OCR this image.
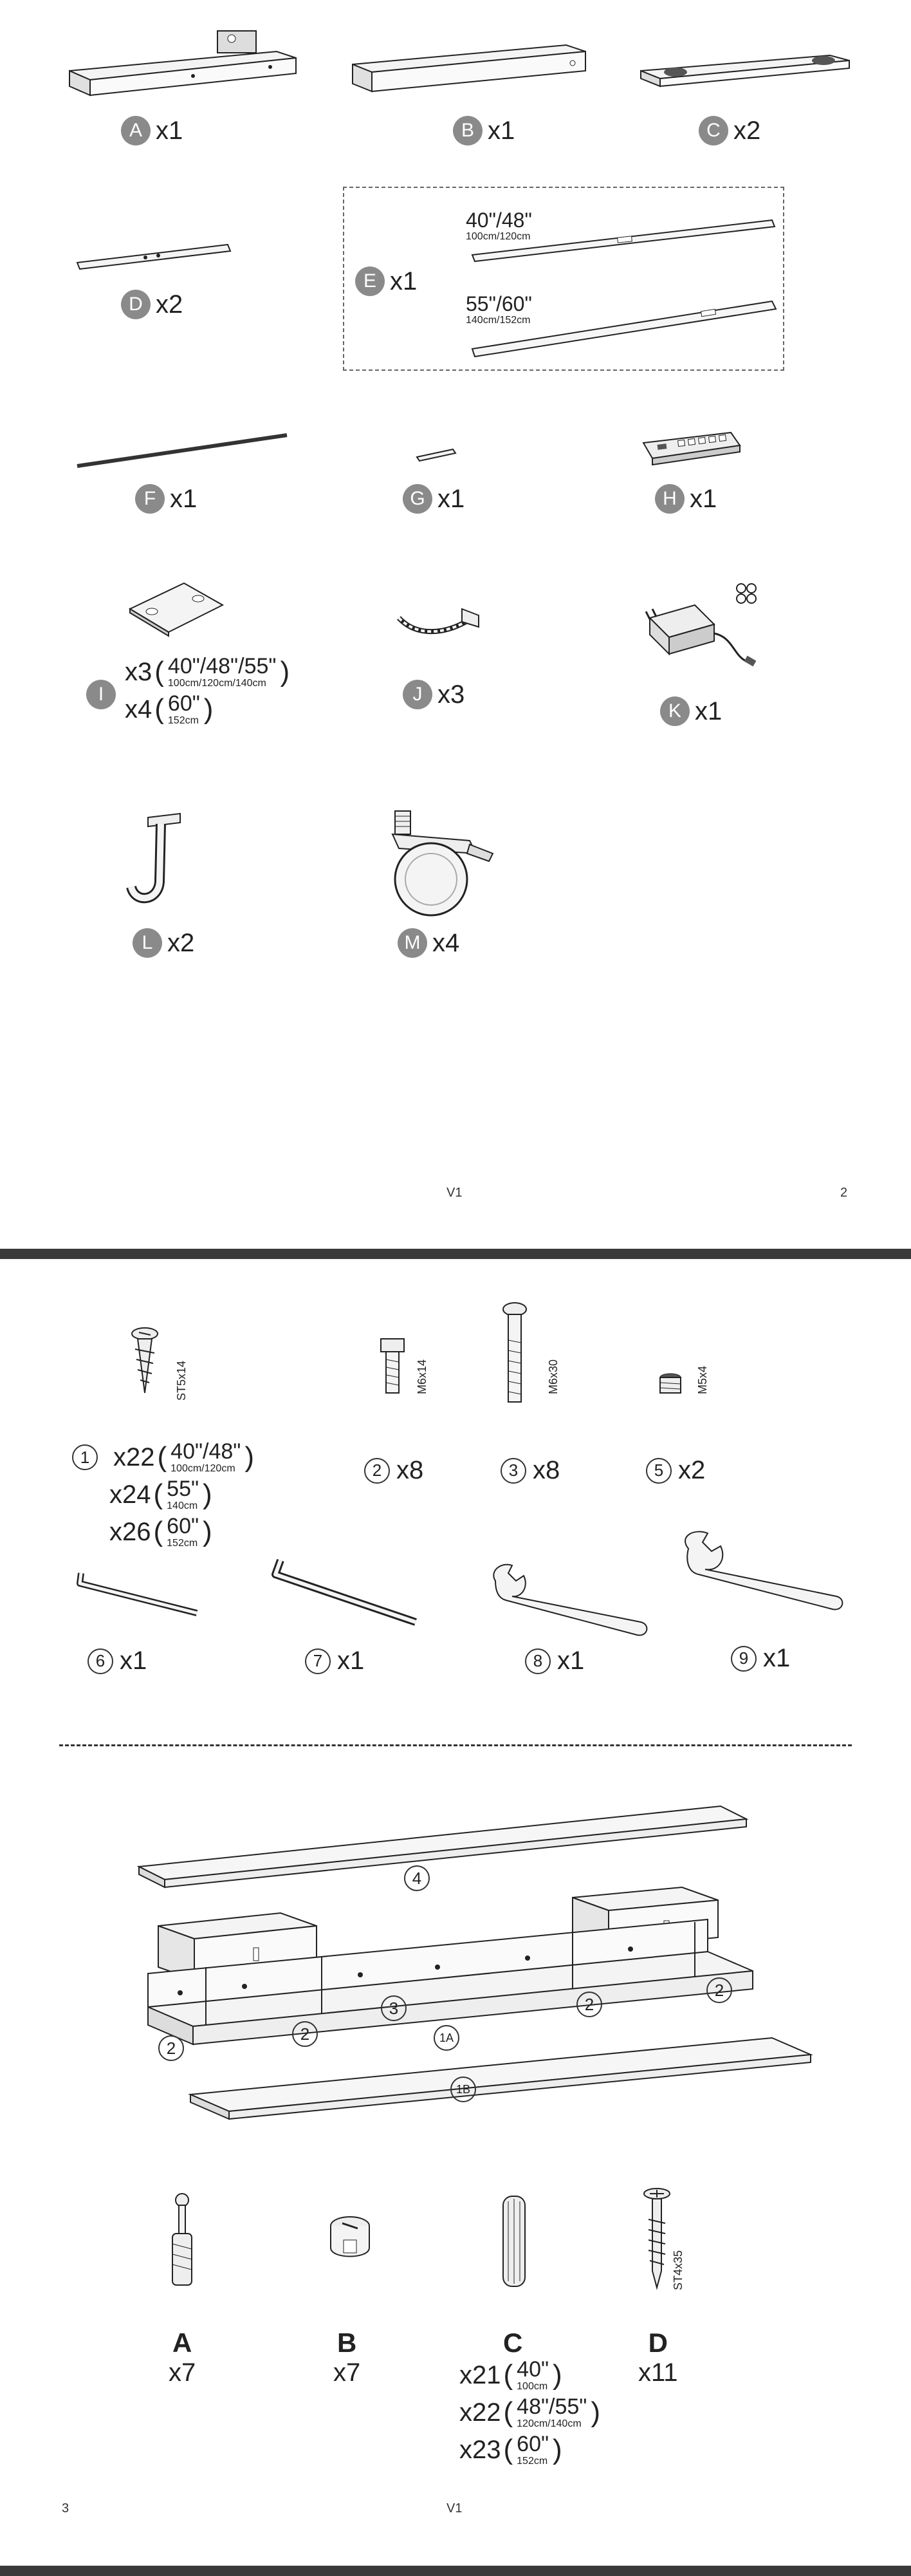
A x1	B x1	C x2
D x2
E x1
40"/48"
100cm/120cm
55"/60"
140cm/152cm
F x1	G x1	H x1
I
x3 ( 40"/48"/55"
100cm/120cm/140cm )
x4 ( 60"
152cm )	J x3
K x1
L x2	M x4
V1	2
ST5x14
1 x22 ( 40"/48"
100cm/120cm )
x24 ( 55"
140cm )
x26 ( 60"
152cm )
M6x14
2 x8
M6x30
3 x8
M5x4
5 x2
6 x1	7 x1	8 x1	9 x1
4
3
2
2
2
2
1A
1B
A
x7
B
x7
C
x21 ( 40"
100cm )
x22 ( 48"/55"
120cm/140cm )
x23 ( 60"
152cm )
ST4x35
D
x11
3	V1
